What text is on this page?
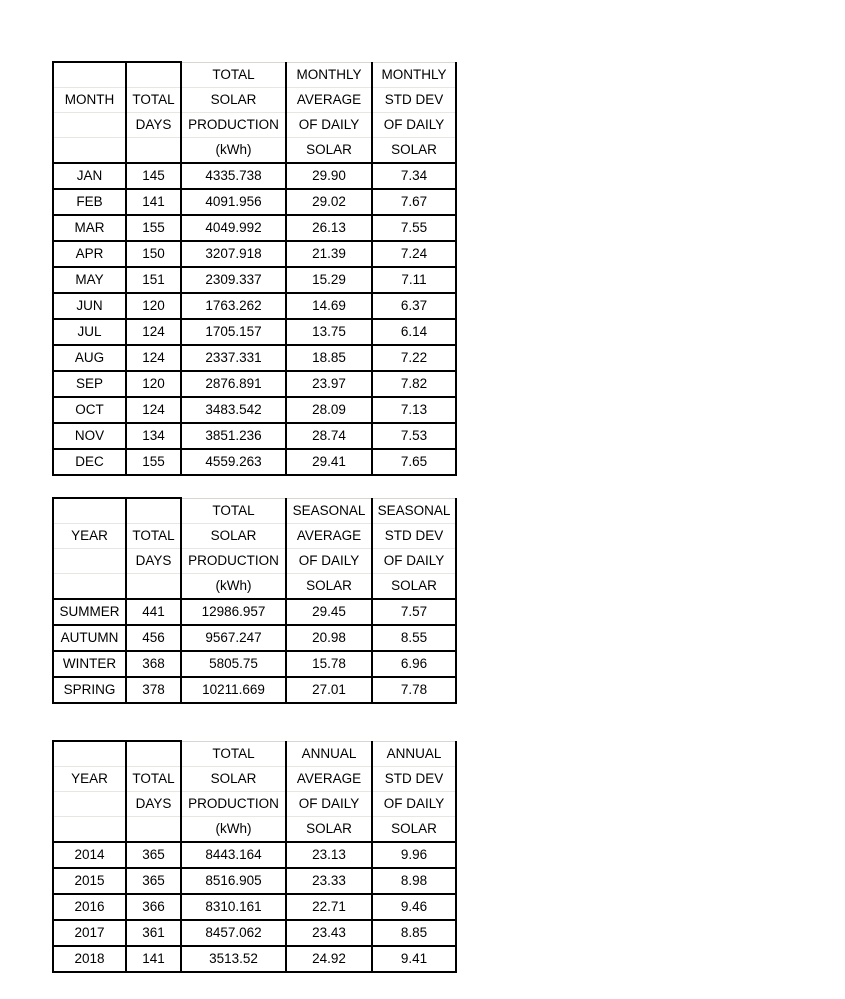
		TOTAL	MONTHLY	MONTHLY
MONTH	TOTAL	SOLAR	AVERAGE	STD DEV
	DAYS	PRODUCTION	OF DAILY	OF DAILY
		(kWh)	SOLAR	SOLAR
JAN	145	4335.738	29.90	7.34
FEB	141	4091.956	29.02	7.67
MAR	155	4049.992	26.13	7.55
APR	150	3207.918	21.39	7.24
MAY	151	2309.337	15.29	7.11
JUN	120	1763.262	14.69	6.37
JUL	124	1705.157	13.75	6.14
AUG	124	2337.331	18.85	7.22
SEP	120	2876.891	23.97	7.82
OCT	124	3483.542	28.09	7.13
NOV	134	3851.236	28.74	7.53
DEC	155	4559.263	29.41	7.65
		TOTAL	SEASONAL	SEASONAL
YEAR	TOTAL	SOLAR	AVERAGE	STD DEV
	DAYS	PRODUCTION	OF DAILY	OF DAILY
		(kWh)	SOLAR	SOLAR
SUMMER	441	12986.957	29.45	7.57
AUTUMN	456	9567.247	20.98	8.55
WINTER	368	5805.75	15.78	6.96
SPRING	378	10211.669	27.01	7.78
		TOTAL	ANNUAL	ANNUAL
YEAR	TOTAL	SOLAR	AVERAGE	STD DEV
	DAYS	PRODUCTION	OF DAILY	OF DAILY
		(kWh)	SOLAR	SOLAR
2014	365	8443.164	23.13	9.96
2015	365	8516.905	23.33	8.98
2016	366	8310.161	22.71	9.46
2017	361	8457.062	23.43	8.85
2018	141	3513.52	24.92	9.41
